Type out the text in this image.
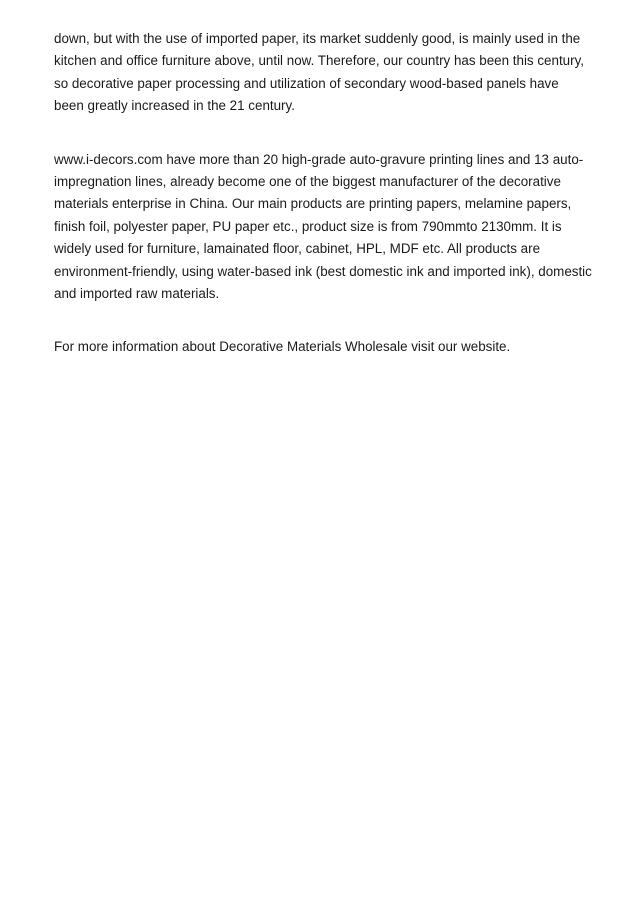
down, but with the use of imported paper, its market suddenly good, is mainly used in the kitchen and office furniture above, until now. Therefore, our country has been this century, so decorative paper processing and utilization of secondary wood-based panels have been greatly increased in the 21 century.

www.i-decors.com have more than 20 high-grade auto-gravure printing lines and 13 auto-impregnation lines, already become one of the biggest manufacturer of the decorative materials enterprise in China. Our main products are printing papers, melamine papers, finish foil, polyester paper, PU paper etc., product size is from 790mmto 2130mm. It is widely used for furniture, lamainated floor, cabinet, HPL, MDF etc. All products are environment-friendly, using water-based ink (best domestic ink and imported ink), domestic and imported raw materials.

For more information about Decorative Materials Wholesale visit our website.
